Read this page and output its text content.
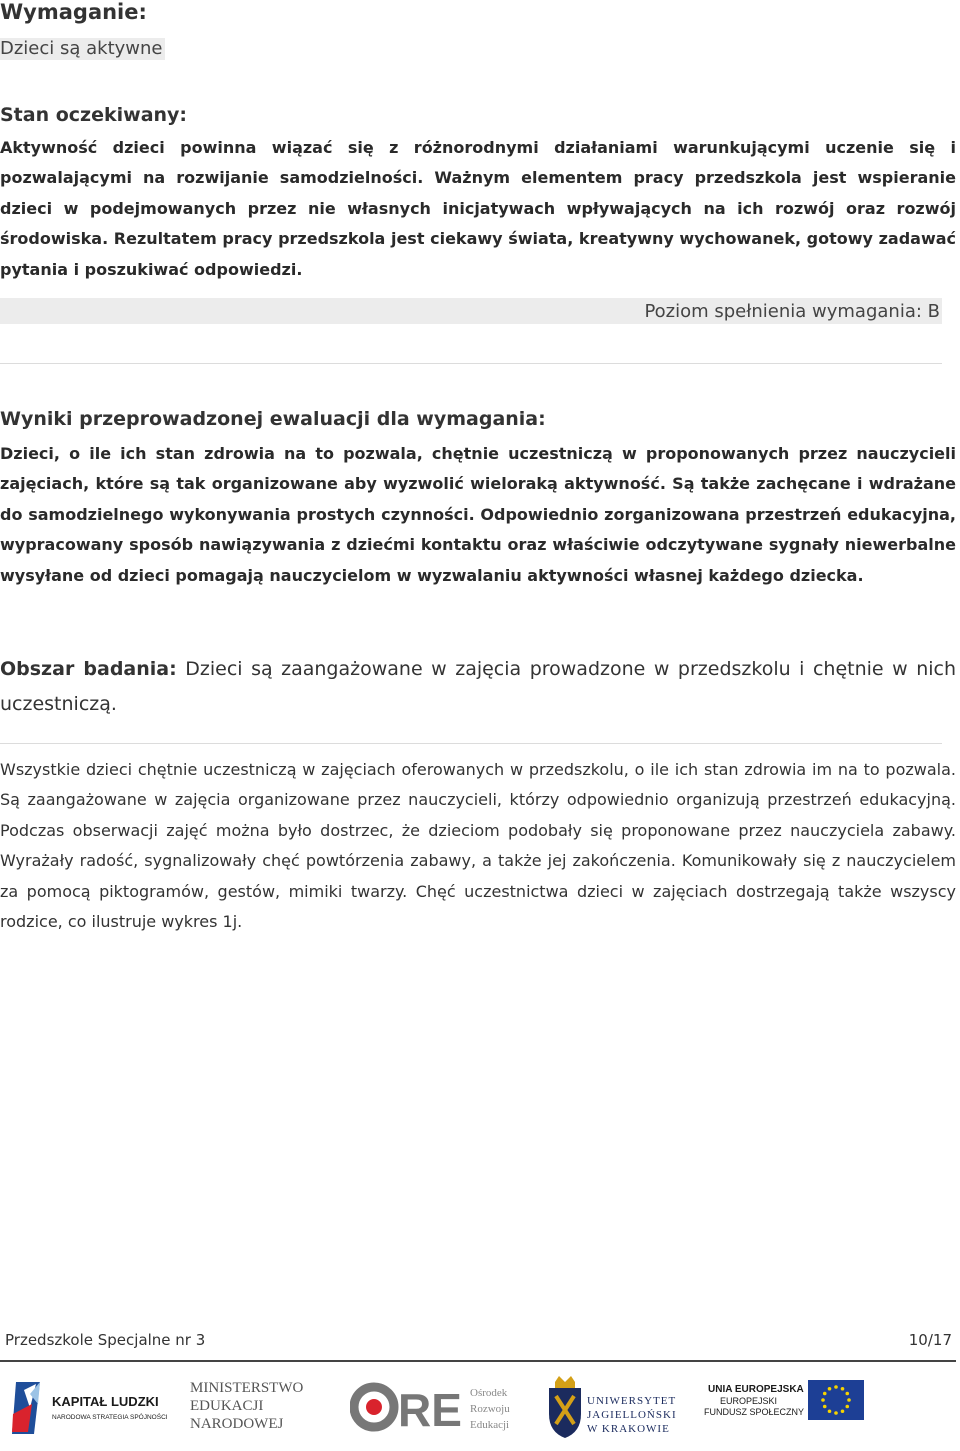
Wymaganie:
Dzieci są aktywne
Stan oczekiwany:
Aktywność dzieci powinna wiązać się z różnorodnymi działaniami warunkującymi uczenie się i pozwalającymi na rozwijanie samodzielności. Ważnym elementem pracy przedszkola jest wspieranie dzieci w podejmowanych przez nie własnych inicjatywach wpływających na ich rozwój oraz rozwój środowiska. Rezultatem pracy przedszkola jest ciekawy świata, kreatywny wychowanek, gotowy zadawać pytania i poszukiwać odpowiedzi.
Poziom spełnienia wymagania: B
Wyniki przeprowadzonej ewaluacji dla wymagania:
Dzieci, o ile ich stan zdrowia na to pozwala, chętnie uczestniczą w proponowanych przez nauczycieli zajęciach, które są tak organizowane aby wyzwolić wieloraką aktywność. Są także zachęcane i wdrażane do samodzielnego wykonywania prostych czynności. Odpowiednio zorganizowana przestrzeń edukacyjna, wypracowany sposób nawiązywania z dziećmi kontaktu oraz właściwie odczytywane sygnały niewerbalne wysyłane od dzieci pomagają nauczycielom w wyzwalaniu aktywności własnej każdego dziecka.
Obszar badania: Dzieci są zaangażowane w zajęcia prowadzone w przedszkolu i chętnie w nich uczestniczą.
Wszystkie dzieci chętnie uczestniczą w zajęciach oferowanych w przedszkolu, o ile ich stan zdrowia im na to pozwala. Są zaangażowane w zajęcia organizowane przez nauczycieli, którzy odpowiednio organizują przestrzeń edukacyjną. Podczas obserwacji zajęć można było dostrzec, że dzieciom podobały się proponowane przez nauczyciela zabawy. Wyrażały radość, sygnalizowały chęć powtórzenia zabawy, a także jej zakończenia. Komunikowały się z nauczycielem za pomocą piktogramów, gestów, mimiki twarzy. Chęć uczestnictwa dzieci w zajęciach dostrzegają także wszyscy rodzice, co ilustruje wykres 1j.
Przedszkole Specjalne nr 3	10/17
KAPITAŁ LUDZKI
NARODOWA STRATEGIA SPÓJNOŚCI
MINISTERSTWO
EDUKACJI
NARODOWEJ RE Ośrodek
Rozwoju
Edukacji
UNIWERSYTET
JAGIELLOŃSKI
W KRAKOWIE
UNIA EUROPEJSKA
EUROPEJSKI
FUNDUSZ SPOŁECZNY
